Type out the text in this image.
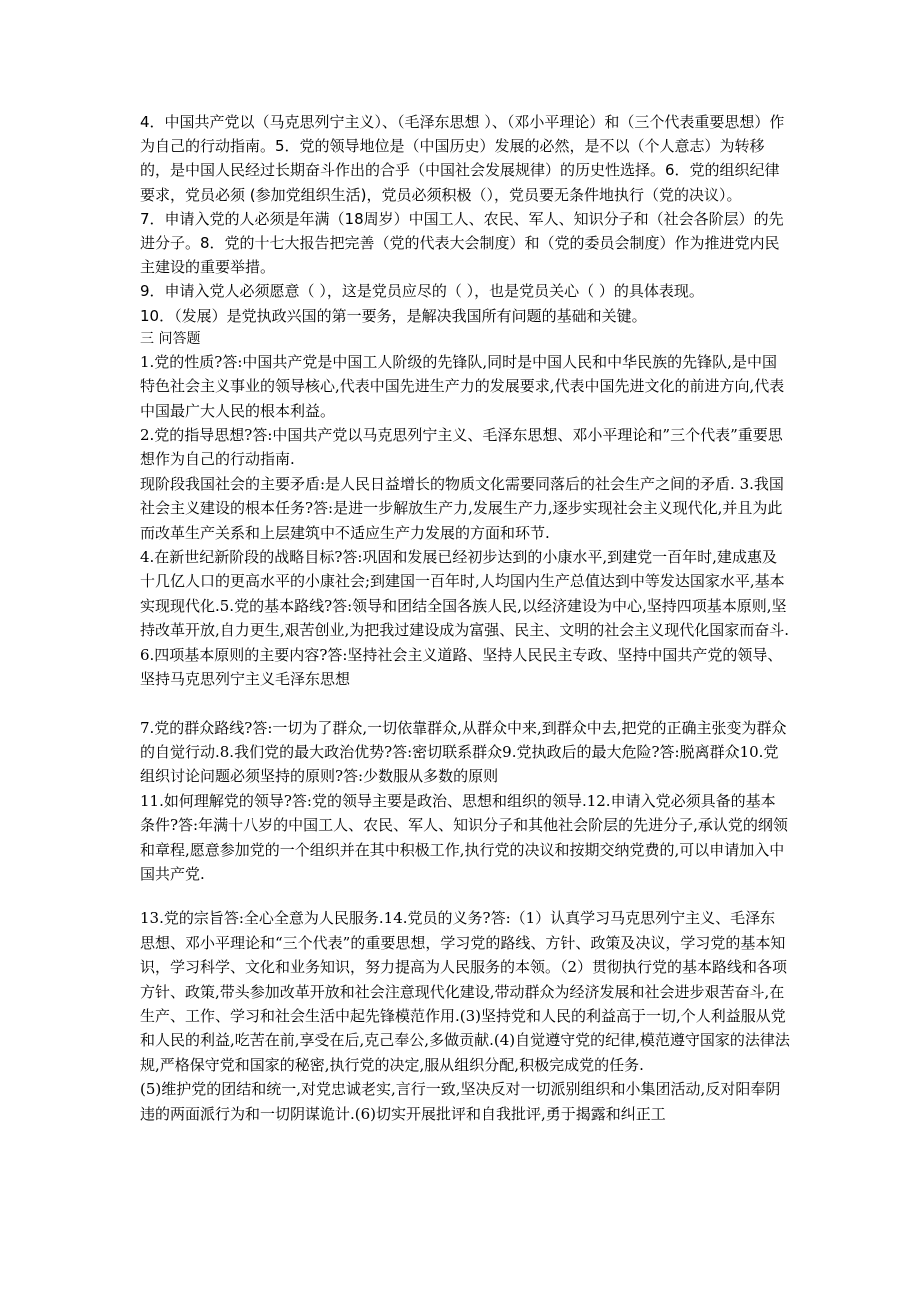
4．中国共产党以（马克思列宁主义）、（毛泽东思想 ）、（邓小平理论）和（三个代表重要思想）作为自己的行动指南。5．党的领导地位是（中国历史）发展的必然，是不以（个人意志）为转移的，是中国人民经过长期奋斗作出的合乎（中国社会发展规律）的历史性选择。6．党的组织纪律要求，党员必须 (参加党组织生活)，党员必须积极（），党员要无条件地执行（党的决议）。

7．申请入党的人必须是年满（18周岁）中国工人、农民、军人、知识分子和（社会各阶层）的先进分子。8．党的十七大报告把完善（党的代表大会制度）和（党的委员会制度）作为推进党内民主建设的重要举措。

9．申请入党人必须愿意（ ），这是党员应尽的（ ），也是党员关心（ ）的具体表现。

10．（发展）是党执政兴国的第一要务，是解决我国所有问题的基础和关键。

三 问答题

1.党的性质?答:中国共产党是中国工人阶级的先锋队,同时是中国人民和中华民族的先锋队,是中国特色社会主义事业的领导核心,代表中国先进生产力的发展要求,代表中国先进文化的前进方向,代表中国最广大人民的根本利益。

2.党的指导思想?答:中国共产党以马克思列宁主义、毛泽东思想、邓小平理论和”三个代表”重要思想作为自己的行动指南.

现阶段我国社会的主要矛盾:是人民日益增长的物质文化需要同落后的社会生产之间的矛盾. 3.我国社会主义建设的根本任务?答:是进一步解放生产力,发展生产力,逐步实现社会主义现代化,并且为此而改革生产关系和上层建筑中不适应生产力发展的方面和环节.

4.在新世纪新阶段的战略目标?答:巩固和发展已经初步达到的小康水平,到建党一百年时,建成惠及十几亿人口的更高水平的小康社会;到建国一百年时,人均国内生产总值达到中等发达国家水平,基本实现现代化.5.党的基本路线?答:领导和团结全国各族人民,以经济建设为中心,坚持四项基本原则,坚持改革开放,自力更生,艰苦创业,为把我过建设成为富强、民主、文明的社会主义现代化国家而奋斗.6.四项基本原则的主要内容?答:坚持社会主义道路、坚持人民民主专政、坚持中国共产党的领导、坚持马克思列宁主义毛泽东思想

7.党的群众路线?答:一切为了群众,一切依靠群众,从群众中来,到群众中去,把党的正确主张变为群众的自觉行动.8.我们党的最大政治优势?答:密切联系群众9.党执政后的最大危险?答:脱离群众10.党组织讨论问题必须坚持的原则?答:少数服从多数的原则

11.如何理解党的领导?答:党的领导主要是政治、思想和组织的领导.12.申请入党必须具备的基本条件?答:年满十八岁的中国工人、农民、军人、知识分子和其他社会阶层的先进分子,承认党的纲领和章程,愿意参加党的一个组织并在其中积极工作,执行党的决议和按期交纳党费的,可以申请加入中国共产党.

13.党的宗旨答:全心全意为人民服务.14.党员的义务?答:（1）认真学习马克思列宁主义、毛泽东思想、邓小平理论和“三个代表”的重要思想，学习党的路线、方针、政策及决议，学习党的基本知识，学习科学、文化和业务知识，努力提高为人民服务的本领。（2）贯彻执行党的基本路线和各项方针、政策,带头参加改革开放和社会注意现代化建设,带动群众为经济发展和社会进步艰苦奋斗,在生产、工作、学习和社会生活中起先锋模范作用.(3)坚持党和人民的利益高于一切,个人利益服从党和人民的利益,吃苦在前,享受在后,克己奉公,多做贡献.(4)自觉遵守党的纪律,模范遵守国家的法律法规,严格保守党和国家的秘密,执行党的决定,服从组织分配,积极完成党的任务.

(5)维护党的团结和统一,对党忠诚老实,言行一致,坚决反对一切派别组织和小集团活动,反对阳奉阴违的两面派行为和一切阴谋诡计.(6)切实开展批评和自我批评,勇于揭露和纠正工
